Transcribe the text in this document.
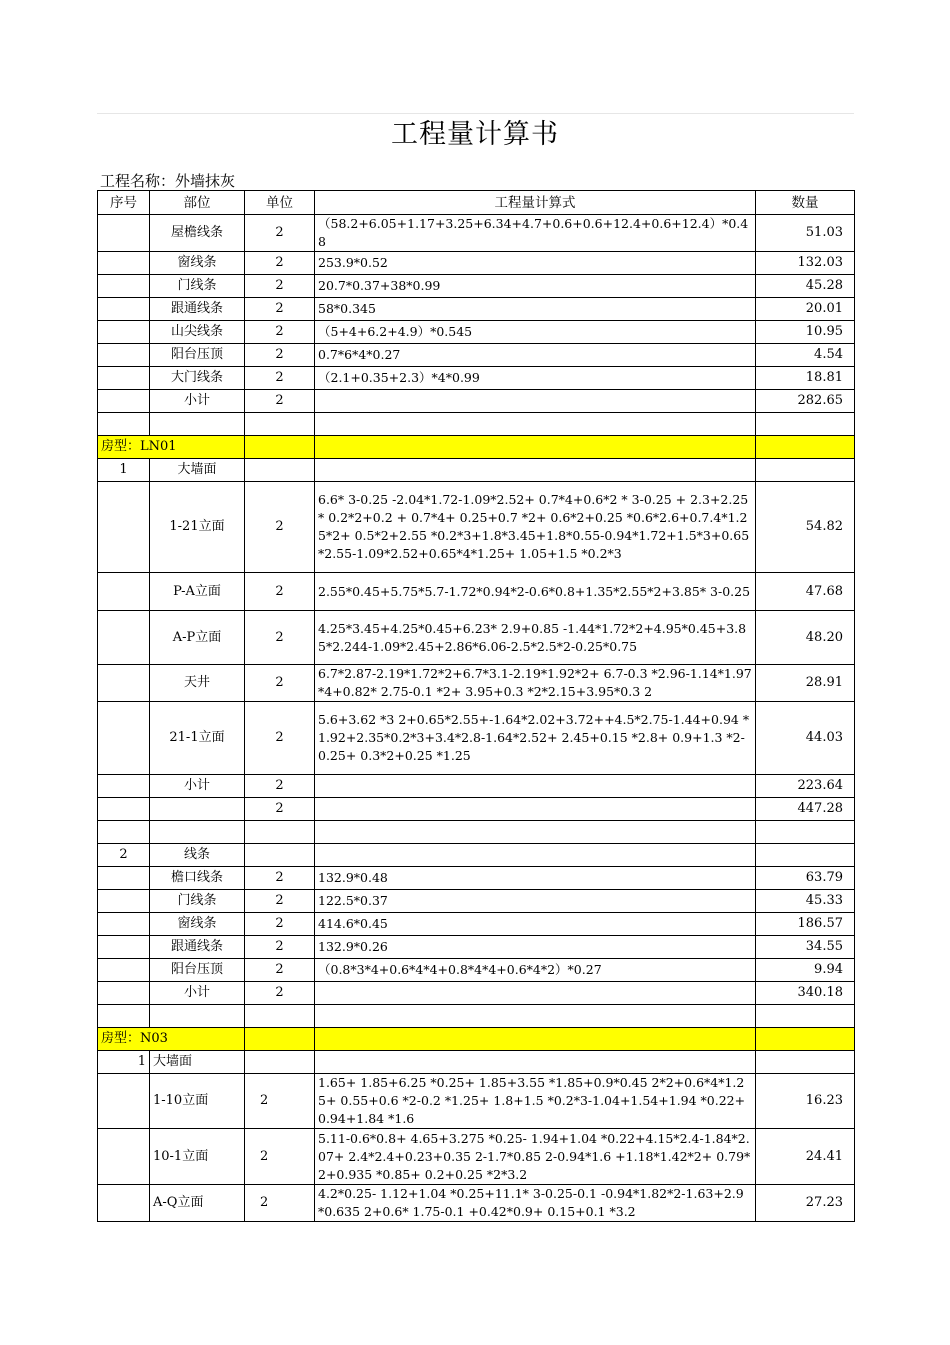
工程量计算书
工程名称：外墙抹灰
序号	部位	单位	工程量计算式	数量
	屋檐线条	2	（58.2+6.05+1.17+3.25+6.34+4.7+0.6+0.6+12.4+0.6+12.4）*0.48	51.03
	窗线条	2	253.9*0.52	132.03
	门线条	2	20.7*0.37+38*0.99	45.28
	跟通线条	2	58*0.345	20.01
	山尖线条	2	（5+4+6.2+4.9）*0.545	10.95
	阳台压顶	2	0.7*6*4*0.27	4.54
	大门线条	2	（2.1+0.35+2.3）*4*0.99	18.81
	小计	2		282.65

房型：LN01				
1	大墙面			
	1-21立面	2	6.6* 3-0.25 -2.04*1.72-1.09*2.52+ 0.7*4+0.6*2 * 3-0.25 + 2.3+2.25 * 0.2*2+0.2 + 0.7*4+ 0.25+0.7 *2+ 0.6*2+0.25 *0.6*2.6+0.7.4*1.25*2+ 0.5*2+2.55 *0.2*3+1.8*3.45+1.8*0.55-0.94*1.72+1.5*3+0.65*2.55-1.09*2.52+0.65*4*1.25+ 1.05+1.5 *0.2*3	54.82
	P-A立面	2	2.55*0.45+5.75*5.7-1.72*0.94*2-0.6*0.8+1.35*2.55*2+3.85* 3-0.25	47.68
	A-P立面	2	4.25*3.45+4.25*0.45+6.23* 2.9+0.85 -1.44*1.72*2+4.95*0.45+3.85*2.244-1.09*2.45+2.86*6.06-2.5*2.5*2-0.25*0.75	48.20
	天井	2	6.7*2.87-2.19*1.72*2+6.7*3.1-2.19*1.92*2+ 6.7-0.3 *2.96-1.14*1.97*4+0.82* 2.75-0.1 *2+ 3.95+0.3 *2*2.15+3.95*0.3 2	28.91
	21-1立面	2	5.6+3.62 *3 2+0.65*2.55+-1.64*2.02+3.72++4.5*2.75-1.44+0.94 *1.92+2.35*0.2*3+3.4*2.8-1.64*2.52+ 2.45+0.15 *2.8+ 0.9+1.3 *2-0.25+ 0.3*2+0.25 *1.25	44.03
	小计	2		223.64
		2		447.28

2	线条			
	檐口线条	2	132.9*0.48	63.79
	门线条	2	122.5*0.37	45.33
	窗线条	2	414.6*0.45	186.57
	跟通线条	2	132.9*0.26	34.55
	阳台压顶	2	（0.8*3*4+0.6*4*4+0.8*4*4+0.6*4*2）*0.27	9.94
	小计	2		340.18

房型：N03				
1	大墙面			
	1-10立面	2	1.65+ 1.85+6.25 *0.25+ 1.85+3.55 *1.85+0.9*0.45 2*2+0.6*4*1.25+ 0.55+0.6 *2-0.2 *1.25+ 1.8+1.5 *0.2*3-1.04+1.54+1.94 *0.22+ 0.94+1.84 *1.6	16.23
	10-1立面	2	5.11-0.6*0.8+ 4.65+3.275 *0.25- 1.94+1.04 *0.22+4.15*2.4-1.84*2.07+ 2.4*2.4+0.23+0.35 2-1.7*0.85 2-0.94*1.6 +1.18*1.42*2+ 0.79*2+0.935 *0.85+ 0.2+0.25 *2*3.2	24.41
	A-Q立面	2	4.2*0.25- 1.12+1.04 *0.25+11.1* 3-0.25-0.1 -0.94*1.82*2-1.63+2.9 *0.635 2+0.6* 1.75-0.1 +0.42*0.9+ 0.15+0.1 *3.2	27.23
